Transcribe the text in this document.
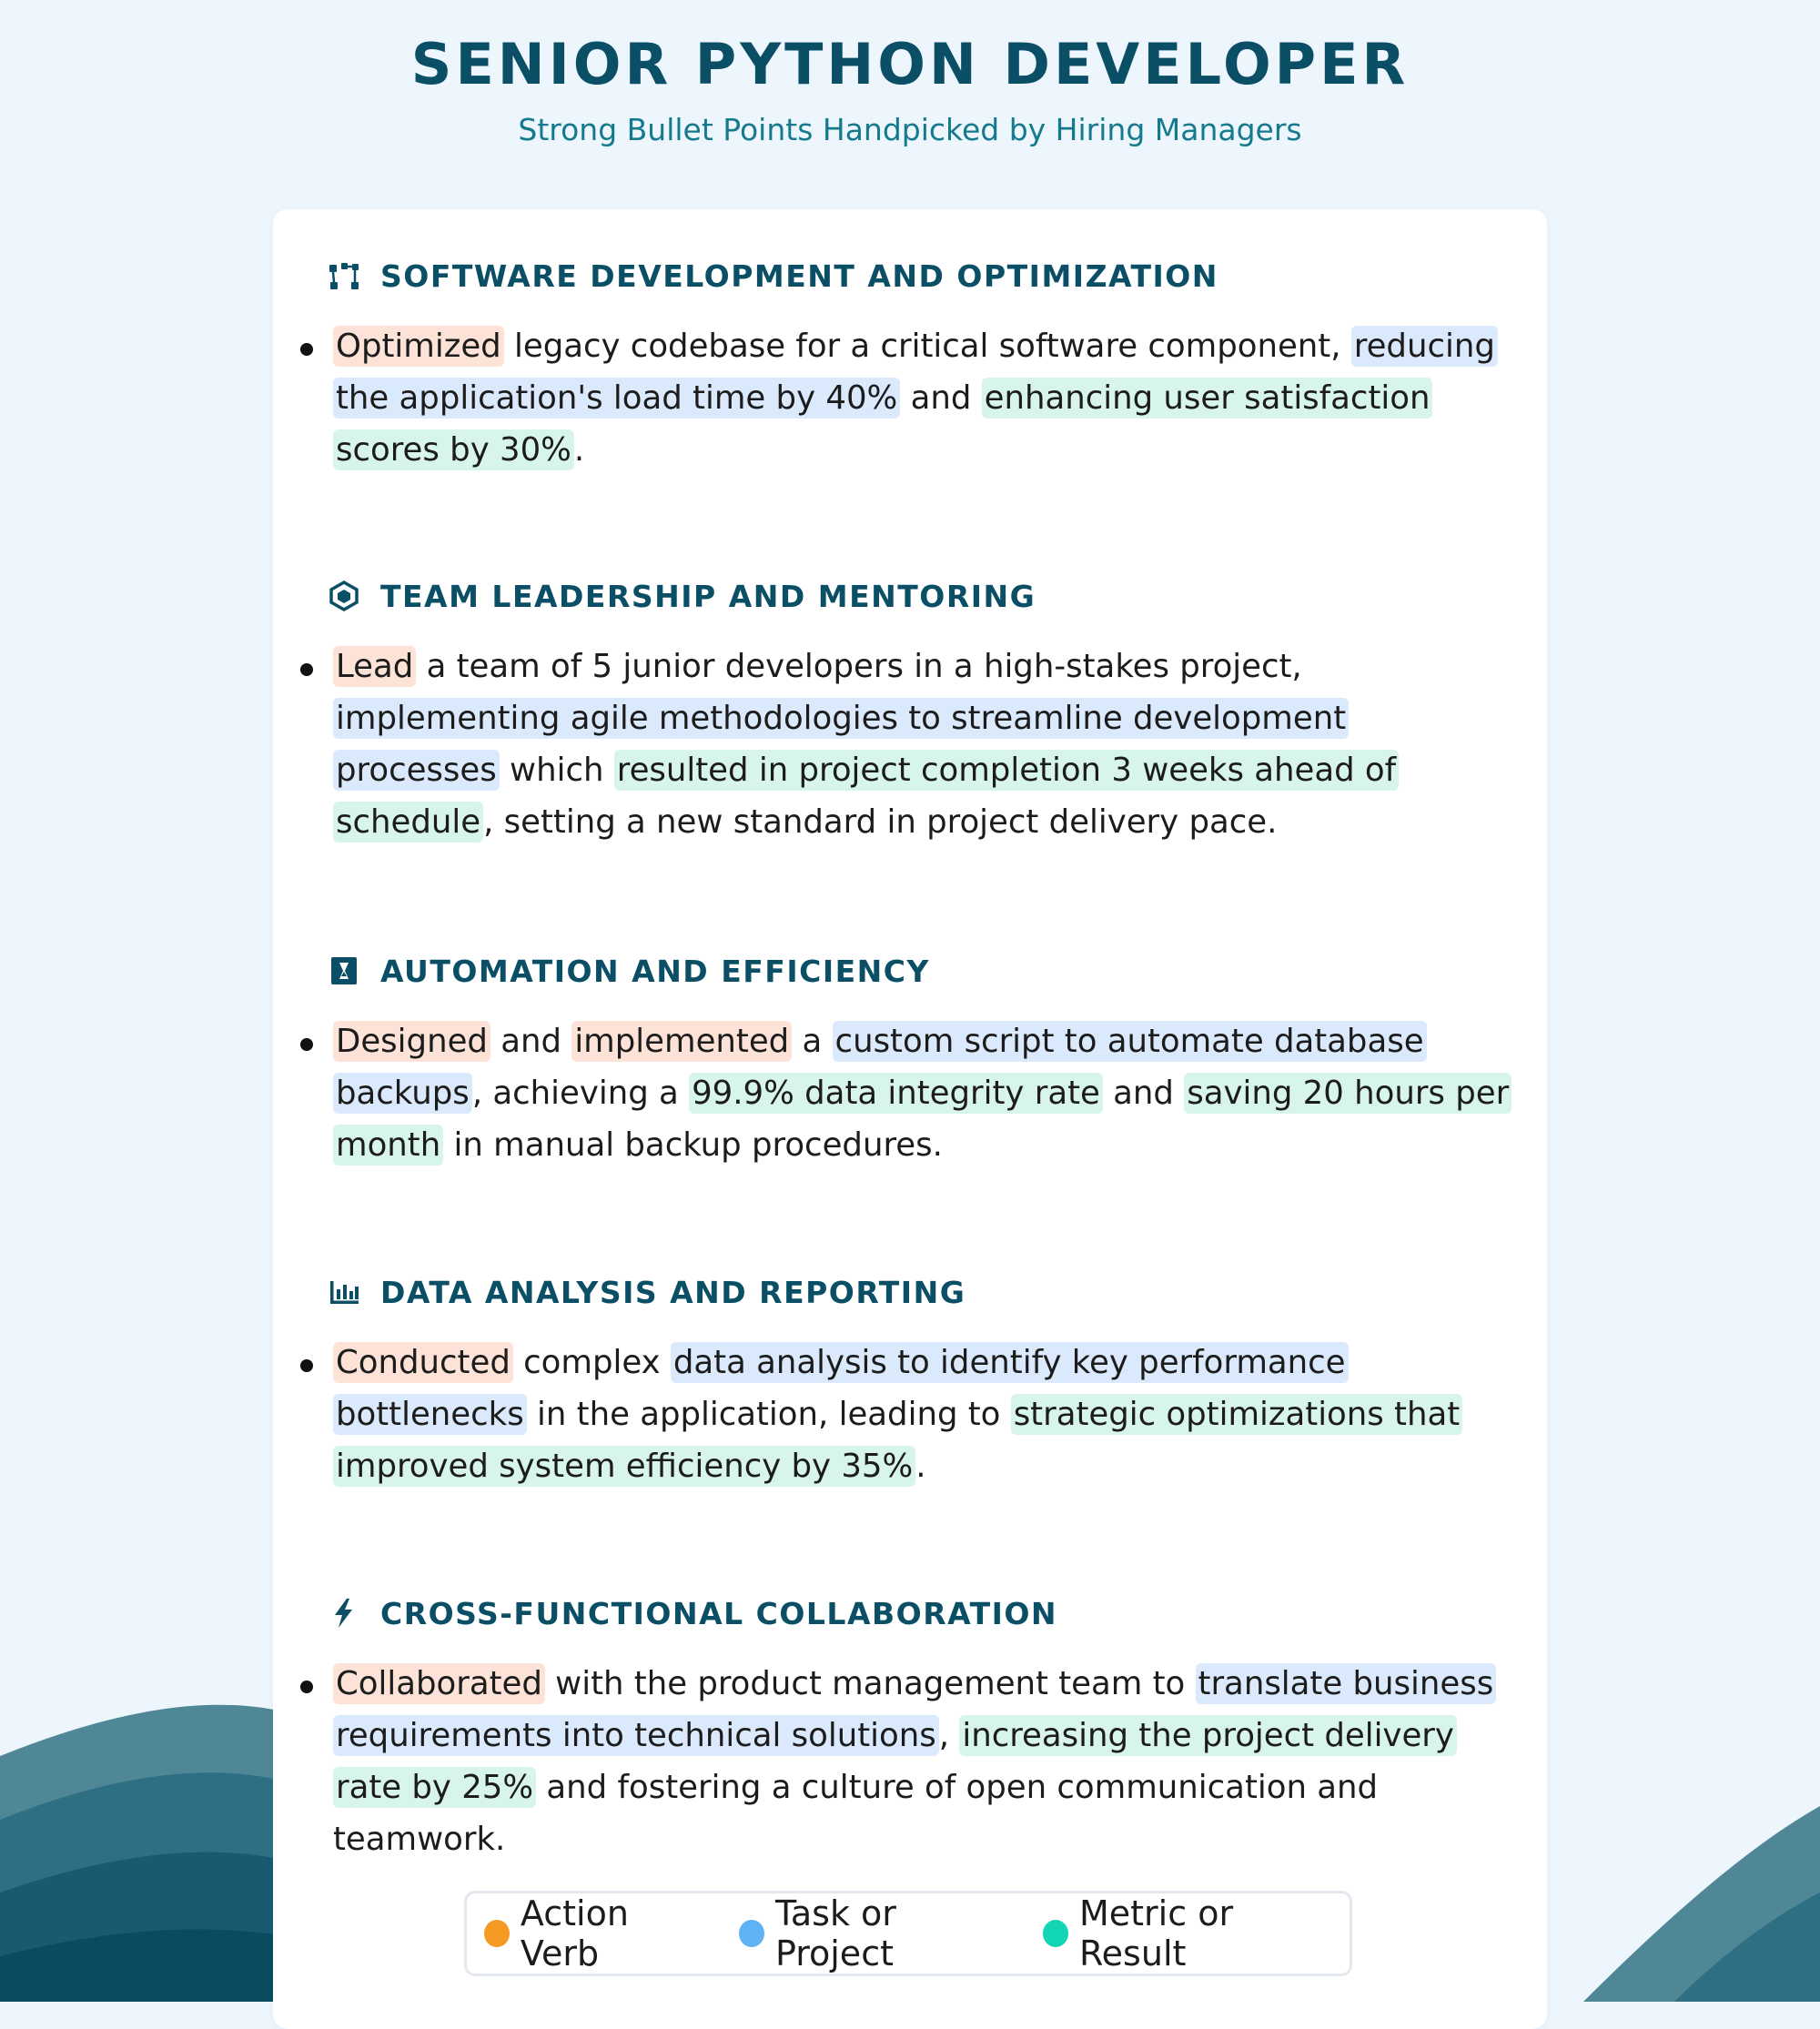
SENIOR PYTHON DEVELOPER
Strong Bullet Points Handpicked by Hiring Managers
SOFTWARE DEVELOPMENT AND OPTIMIZATION
Optimized legacy codebase for a critical software component, reducing the application's load time by 40% and enhancing user satisfaction scores by 30%.
TEAM LEADERSHIP AND MENTORING
Lead a team of 5 junior developers in a high-stakes project, implementing agile methodologies to streamline development processes which resulted in project completion 3 weeks ahead of schedule, setting a new standard in project delivery pace.
AUTOMATION AND EFFICIENCY
Designed and implemented a custom script to automate database backups, achieving a 99.9% data integrity rate and saving 20 hours per month in manual backup procedures.
DATA ANALYSIS AND REPORTING
Conducted complex data analysis to identify key performance bottlenecks in the application, leading to strategic optimizations that improved system efficiency by 35%.
CROSS-FUNCTIONAL COLLABORATION
Collaborated with the product management team to translate business requirements into technical solutions, increasing the project delivery rate by 25% and fostering a culture of open communication and teamwork.
Action Verb
Task or Project
Metric or Result
